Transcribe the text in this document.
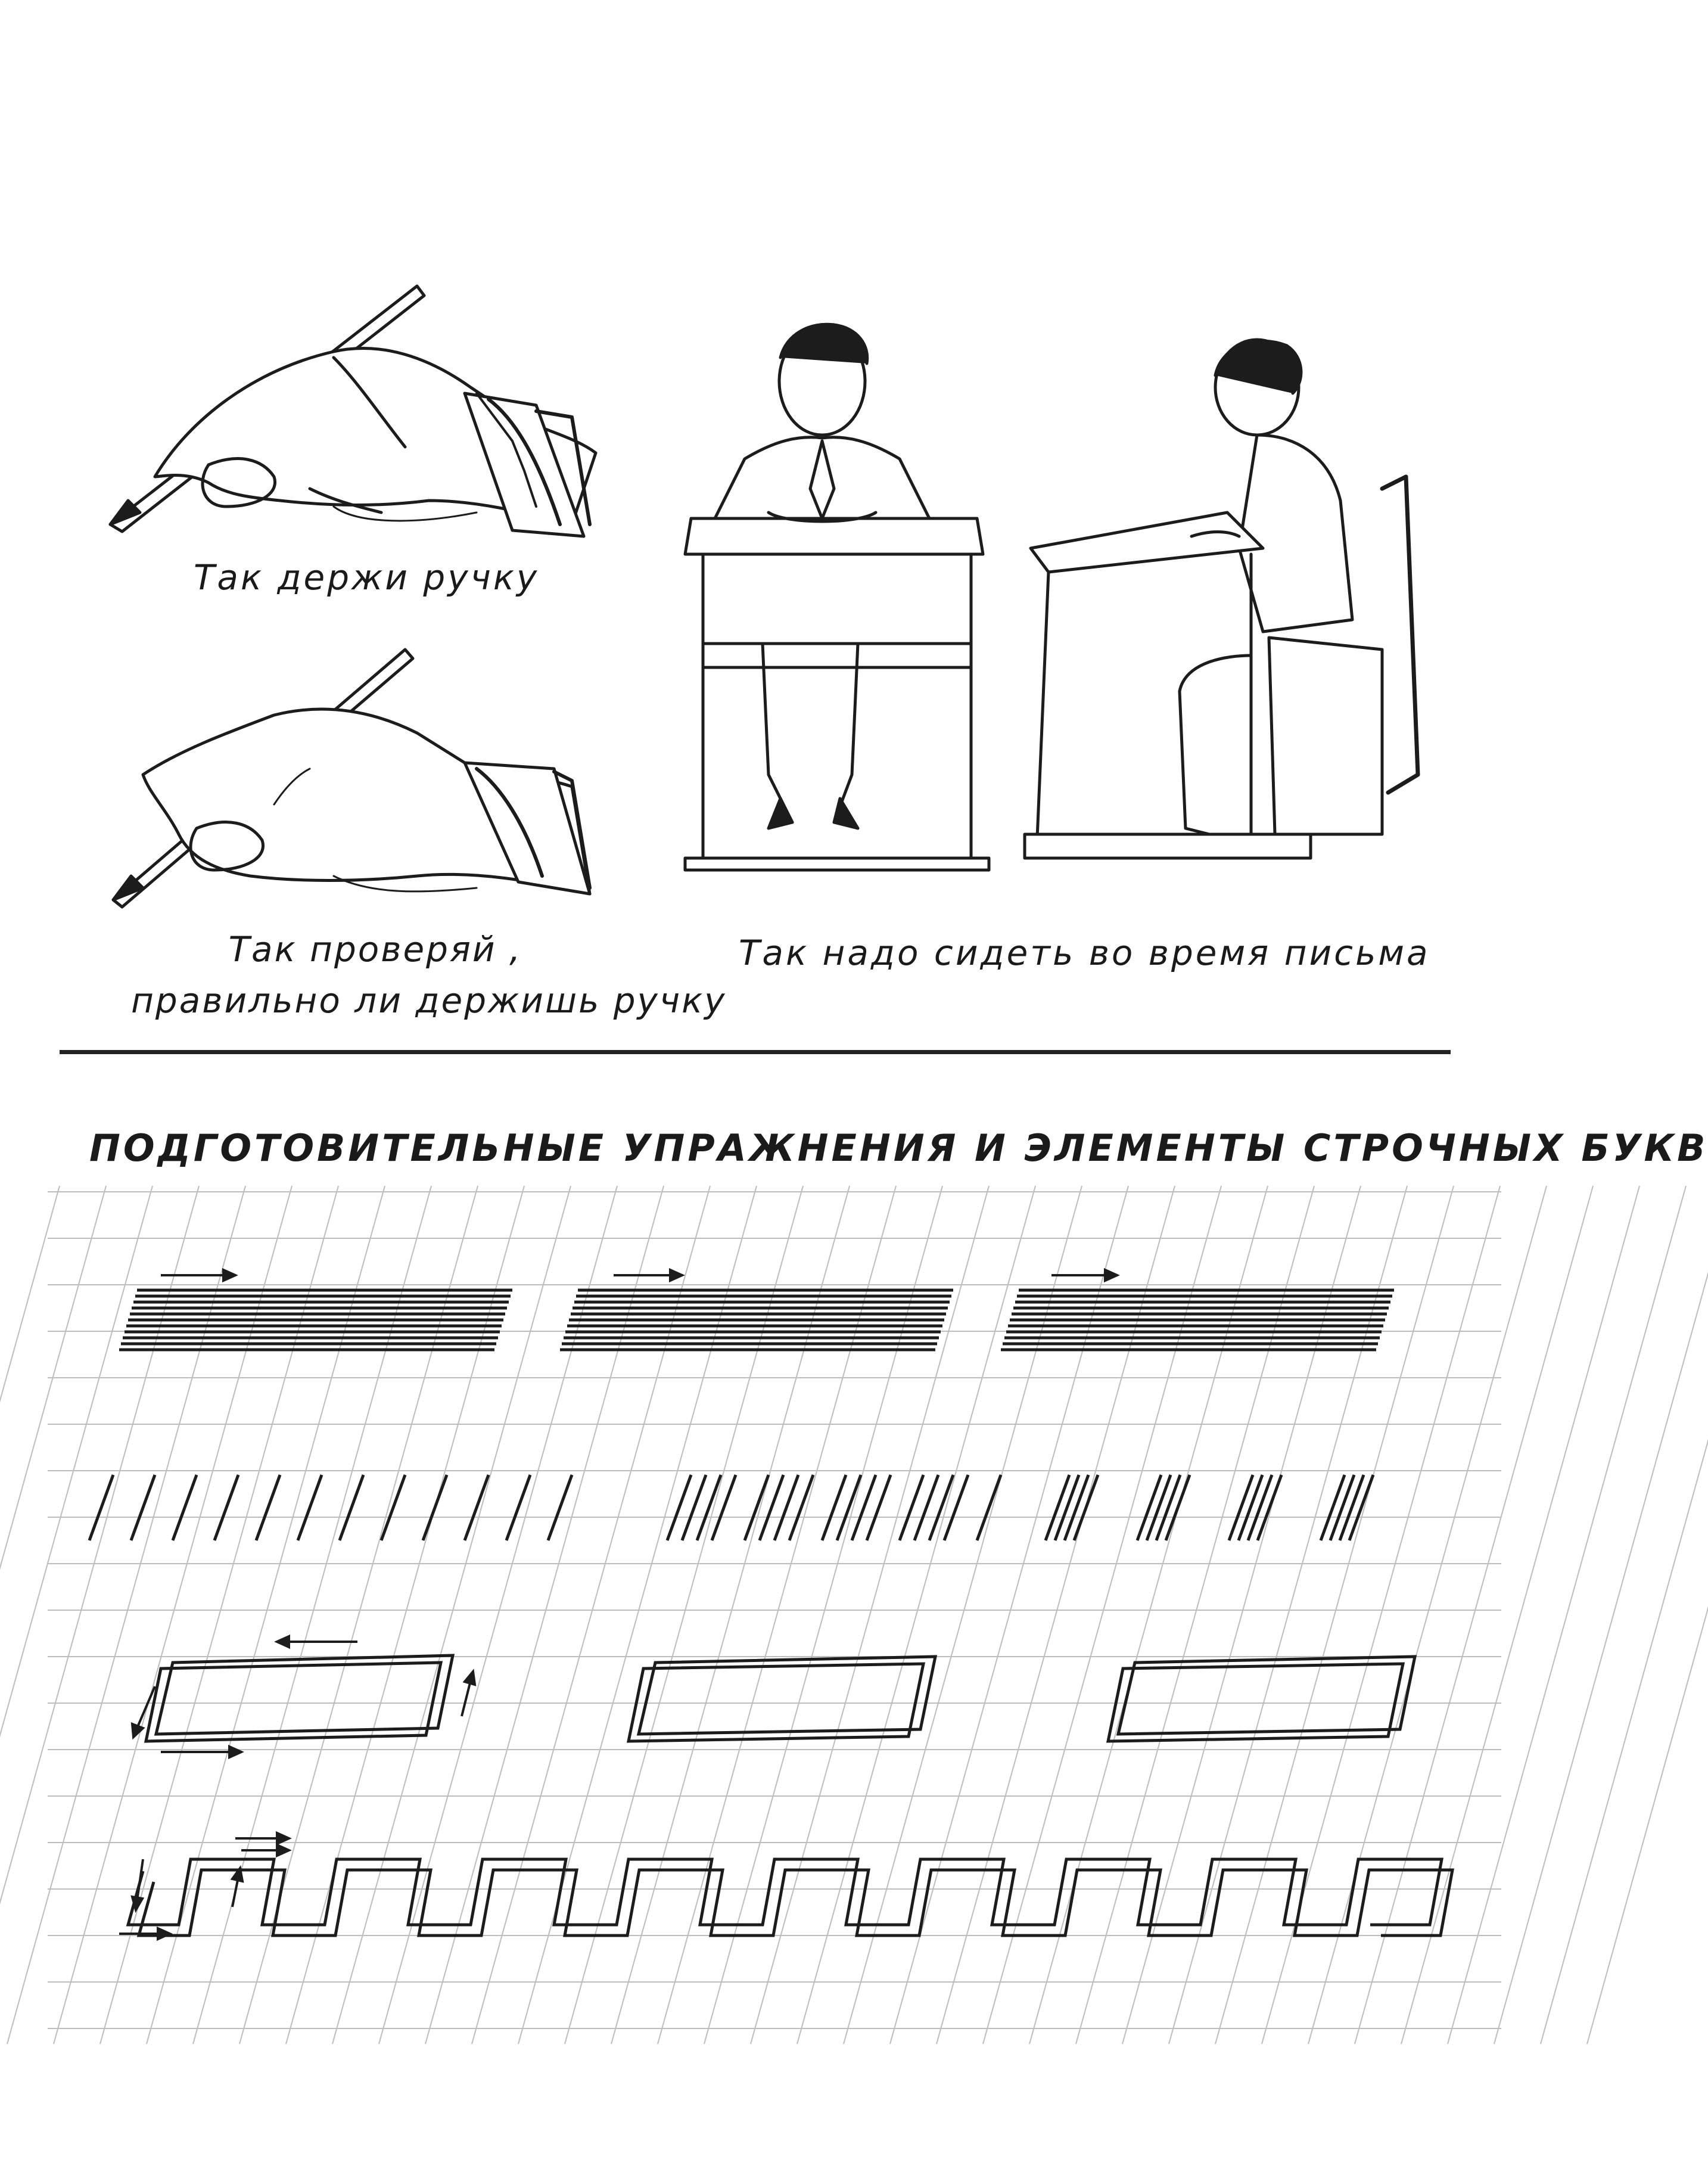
Так держи ручку
Так проверяй ,
правильно ли держишь ручку
Так надо сидеть во время письма
ПОДГОТОВИТЕЛЬНЫЕ УПРАЖНЕНИЯ И ЭЛЕМЕНТЫ СТРОЧНЫХ БУКВ
